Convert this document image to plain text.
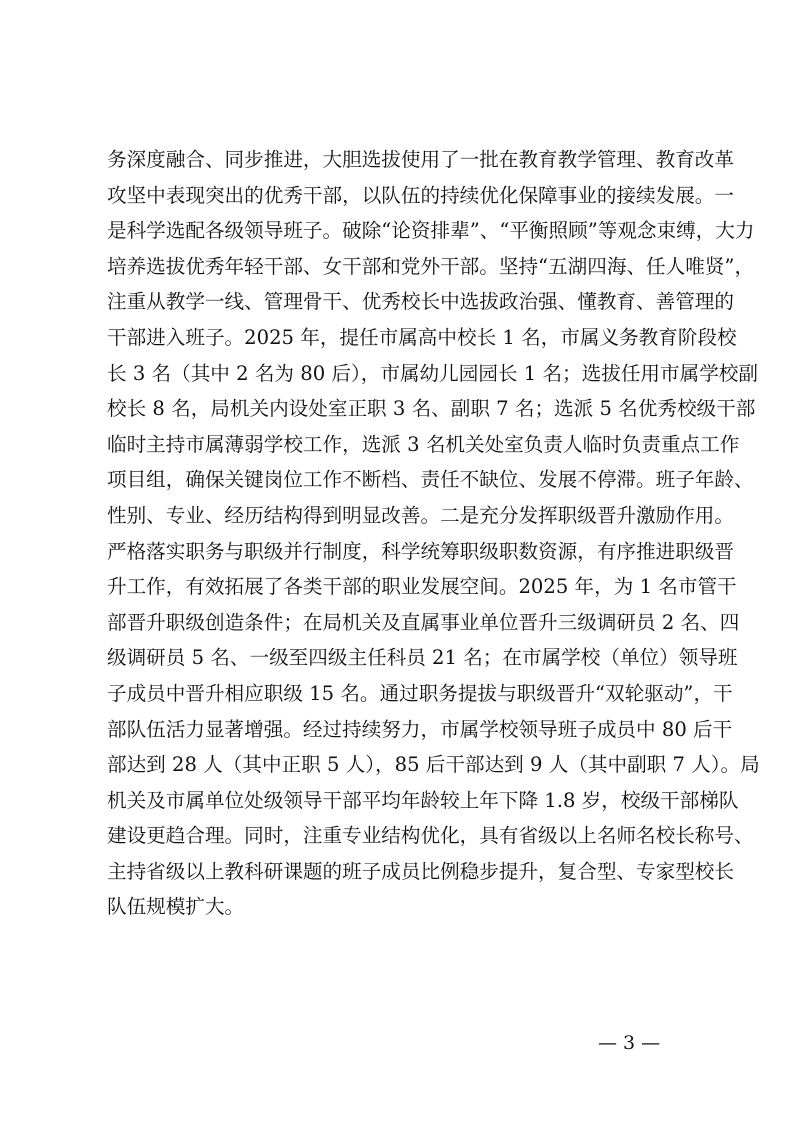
务深度融合、同步推进，大胆选拔使用了一批在教育教学管理、教育改革
攻坚中表现突出的优秀干部，以队伍的持续优化保障事业的接续发展。一
是科学选配各级领导班子。破除“论资排辈”、“平衡照顾”等观念束缚，大力
培养选拔优秀年轻干部、女干部和党外干部。坚持“五湖四海、任人唯贤”，
注重从教学一线、管理骨干、优秀校长中选拔政治强、懂教育、善管理的
干部进入班子。2025 年，提任市属高中校长 1 名，市属义务教育阶段校
长 3 名（其中 2 名为 80 后），市属幼儿园园长 1 名；选拔任用市属学校副
校长 8 名，局机关内设处室正职 3 名、副职 7 名；选派 5 名优秀校级干部
临时主持市属薄弱学校工作，选派 3 名机关处室负责人临时负责重点工作
项目组，确保关键岗位工作不断档、责任不缺位、发展不停滞。班子年龄、
性别、专业、经历结构得到明显改善。二是充分发挥职级晋升激励作用。
严格落实职务与职级并行制度，科学统筹职级职数资源，有序推进职级晋
升工作，有效拓展了各类干部的职业发展空间。2025 年，为 1 名市管干
部晋升职级创造条件；在局机关及直属事业单位晋升三级调研员 2 名、四
级调研员 5 名、一级至四级主任科员 21 名；在市属学校（单位）领导班
子成员中晋升相应职级 15 名。通过职务提拔与职级晋升“双轮驱动”，干
部队伍活力显著增强。经过持续努力，市属学校领导班子成员中 80 后干
部达到 28 人（其中正职 5 人），85 后干部达到 9 人（其中副职 7 人）。局
机关及市属单位处级领导干部平均年龄较上年下降 1.8 岁，校级干部梯队
建设更趋合理。同时，注重专业结构优化，具有省级以上名师名校长称号、
主持省级以上教科研课题的班子成员比例稳步提升，复合型、专家型校长
队伍规模扩大。
— 3 —
